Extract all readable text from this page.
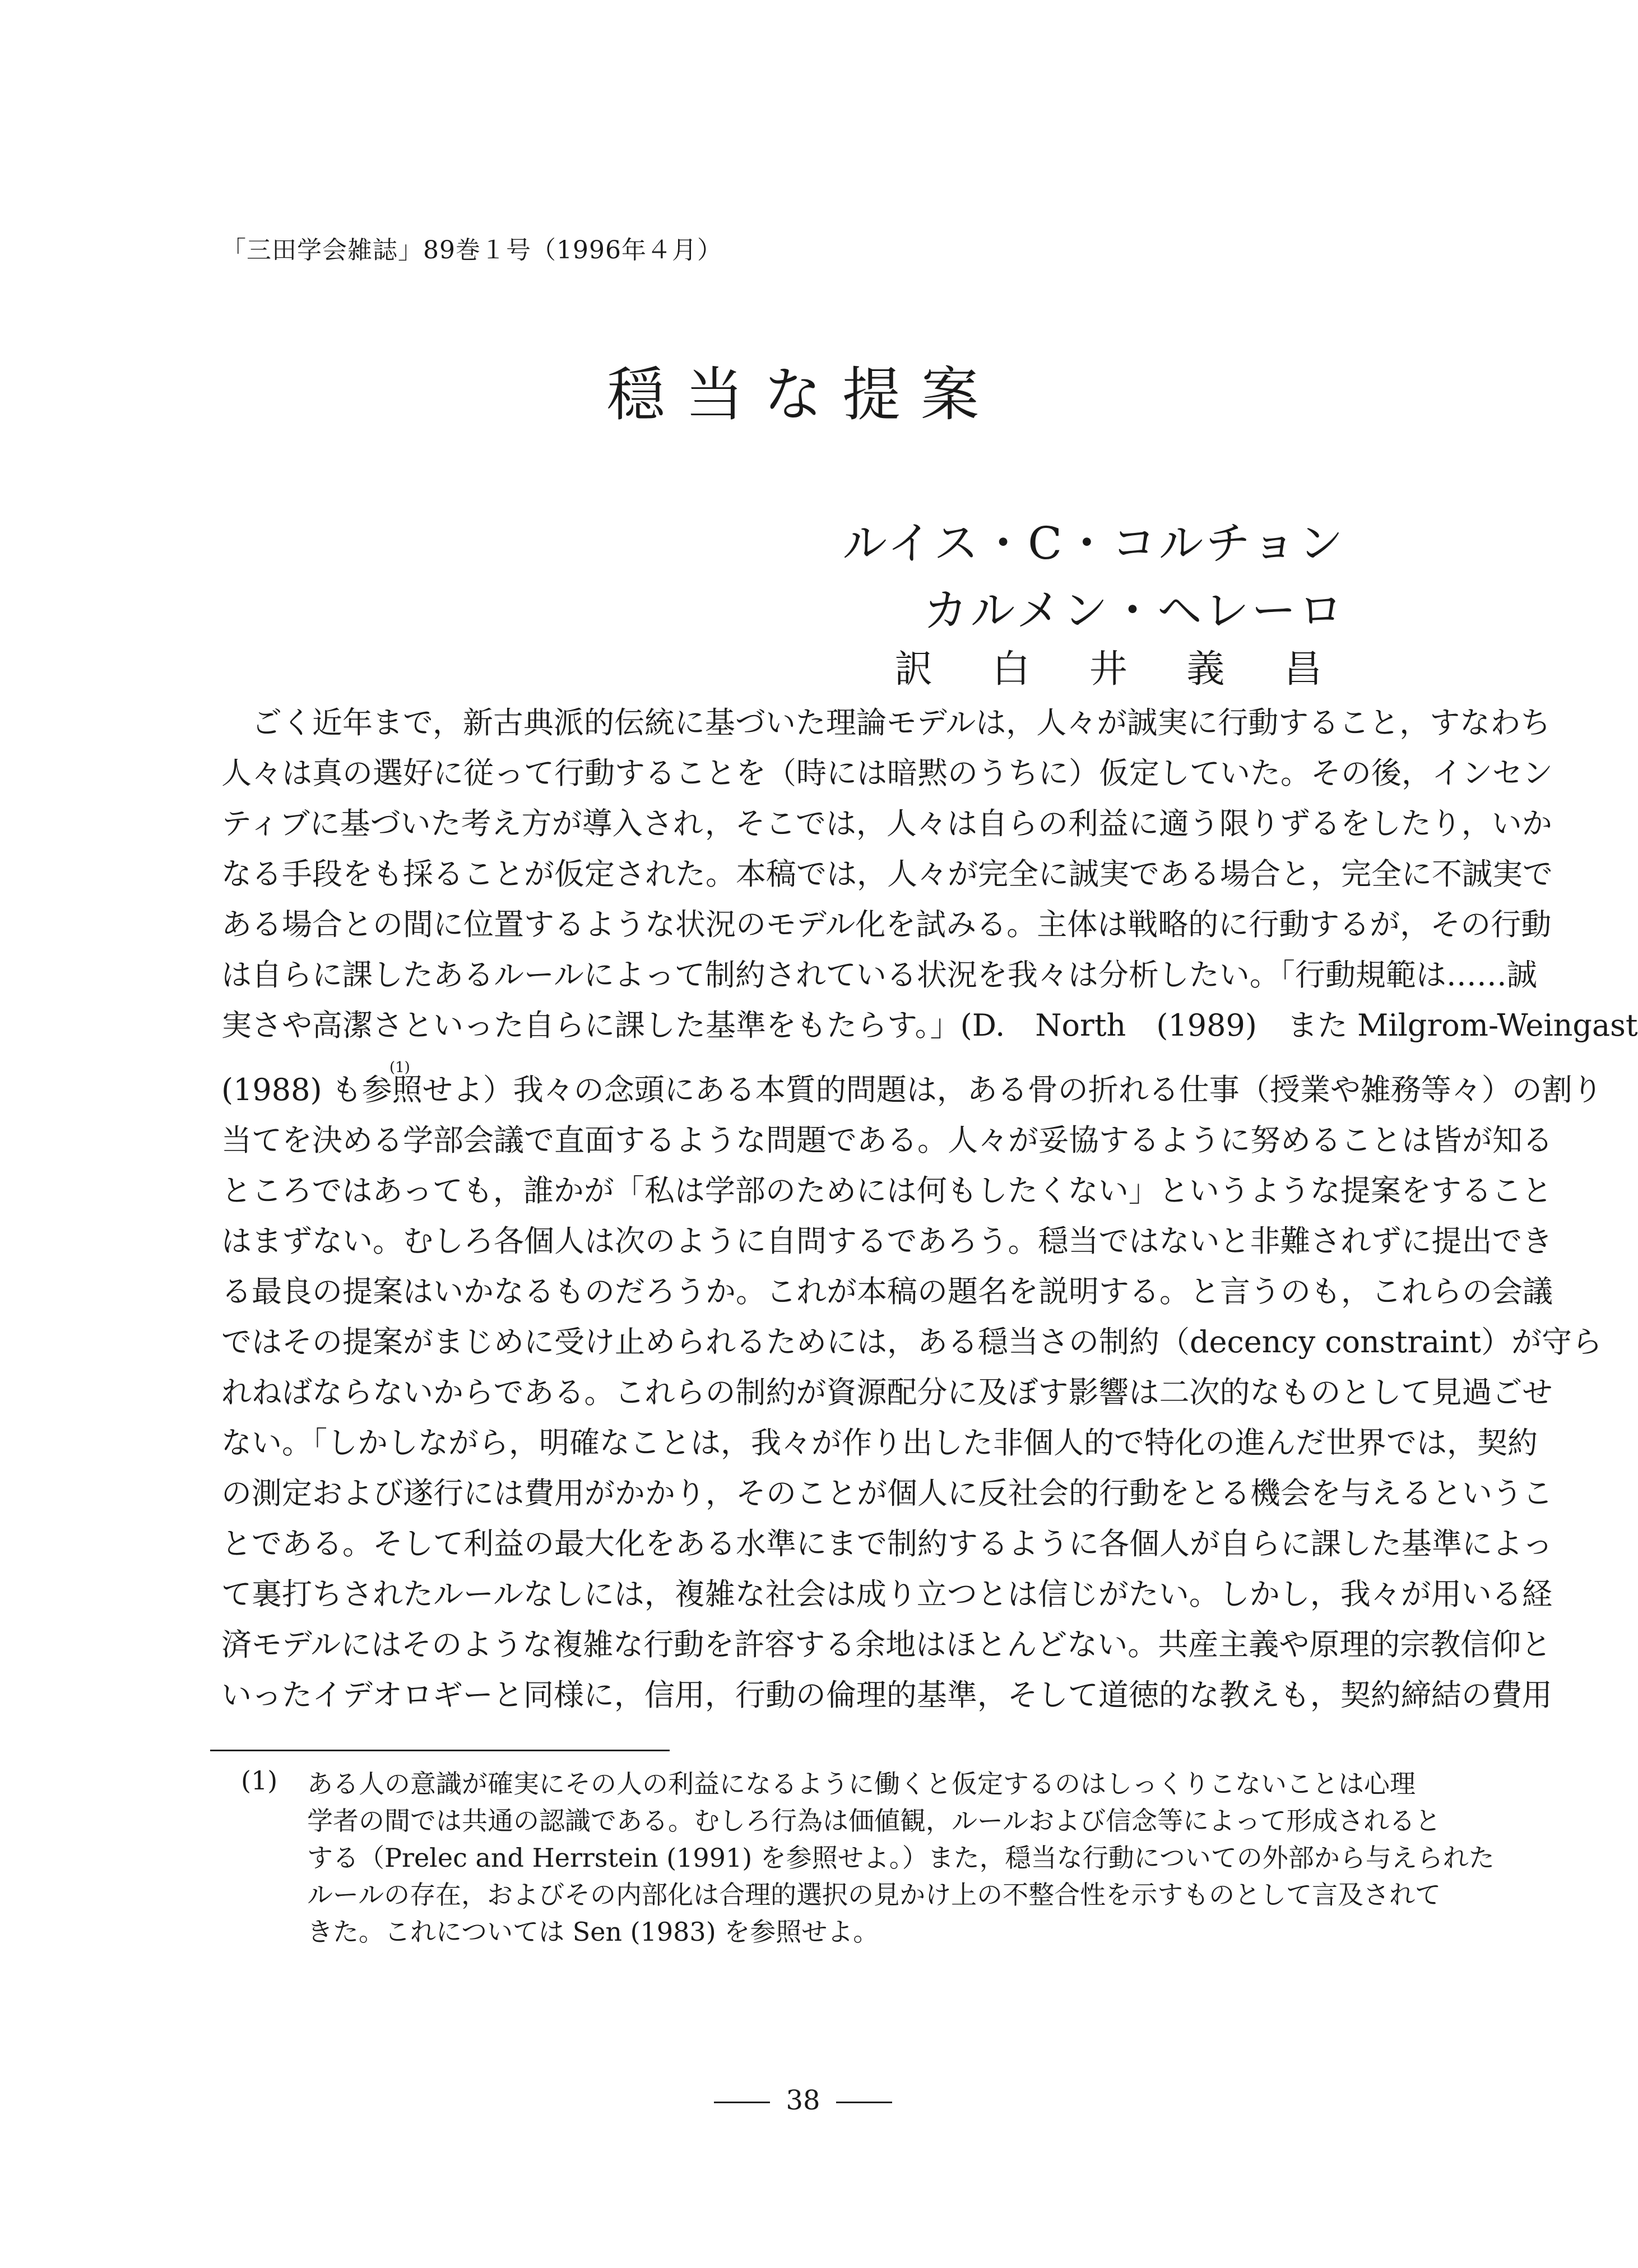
「三田学会雑誌」89巻１号（1996年４月）
穏当な提案
ルイス・C・コルチョン
カルメン・ヘレーロ
訳 白 井 義 昌
ごく近年まで，新古典派的伝統に基づいた理論モデルは，人々が誠実に行動すること，すなわち
人々は真の選好に従って行動することを（時には暗黙のうちに）仮定していた。その後，インセン
ティブに基づいた考え方が導入され，そこでは，人々は自らの利益に適う限りずるをしたり，いか
なる手段をも採ることが仮定された。本稿では，人々が完全に誠実である場合と，完全に不誠実で
ある場合との間に位置するような状況のモデル化を試みる。主体は戦略的に行動するが，その行動
は自らに課したあるルールによって制約されている状況を我々は分析したい。「行動規範は……誠
実さや高潔さといった自らに課した基準をもたらす。」(D.　North　(1989)　また Milgrom-Weingast
(1988) も参照せよ）我々の念頭にある本質的問題は，ある骨の折れる仕事（授業や雑務等々）の割り
当てを決める学部会議で直面するような問題である。人々が妥協するように努めることは皆が知る
ところではあっても，誰かが「私は学部のためには何もしたくない」というような提案をすること
はまずない。むしろ各個人は次のように自問するであろう。穏当ではないと非難されずに提出でき
る最良の提案はいかなるものだろうか。これが本稿の題名を説明する。と言うのも，これらの会議
ではその提案がまじめに受け止められるためには，ある穏当さの制約（decency constraint）が守ら
れねばならないからである。これらの制約が資源配分に及ぼす影響は二次的なものとして見過ごせ
ない。「しかしながら，明確なことは，我々が作り出した非個人的で特化の進んだ世界では，契約
の測定および遂行には費用がかかり，そのことが個人に反社会的行動をとる機会を与えるというこ
とである。そして利益の最大化をある水準にまで制約するように各個人が自らに課した基準によっ
て裏打ちされたルールなしには，複雑な社会は成り立つとは信じがたい。しかし，我々が用いる経
済モデルにはそのような複雑な行動を許容する余地はほとんどない。共産主義や原理的宗教信仰と
いったイデオロギーと同様に，信用，行動の倫理的基準，そして道徳的な教えも，契約締結の費用
(1)
(1) ある人の意識が確実にその人の利益になるように働くと仮定するのはしっくりこないことは心理
学者の間では共通の認識である。むしろ行為は価値観，ルールおよび信念等によって形成されると
する（Prelec and Herrstein (1991) を参照せよ。）また，穏当な行動についての外部から与えられた
ルールの存在，およびその内部化は合理的選択の見かけ上の不整合性を示すものとして言及されて
きた。これについては Sen (1983) を参照せよ。
38
